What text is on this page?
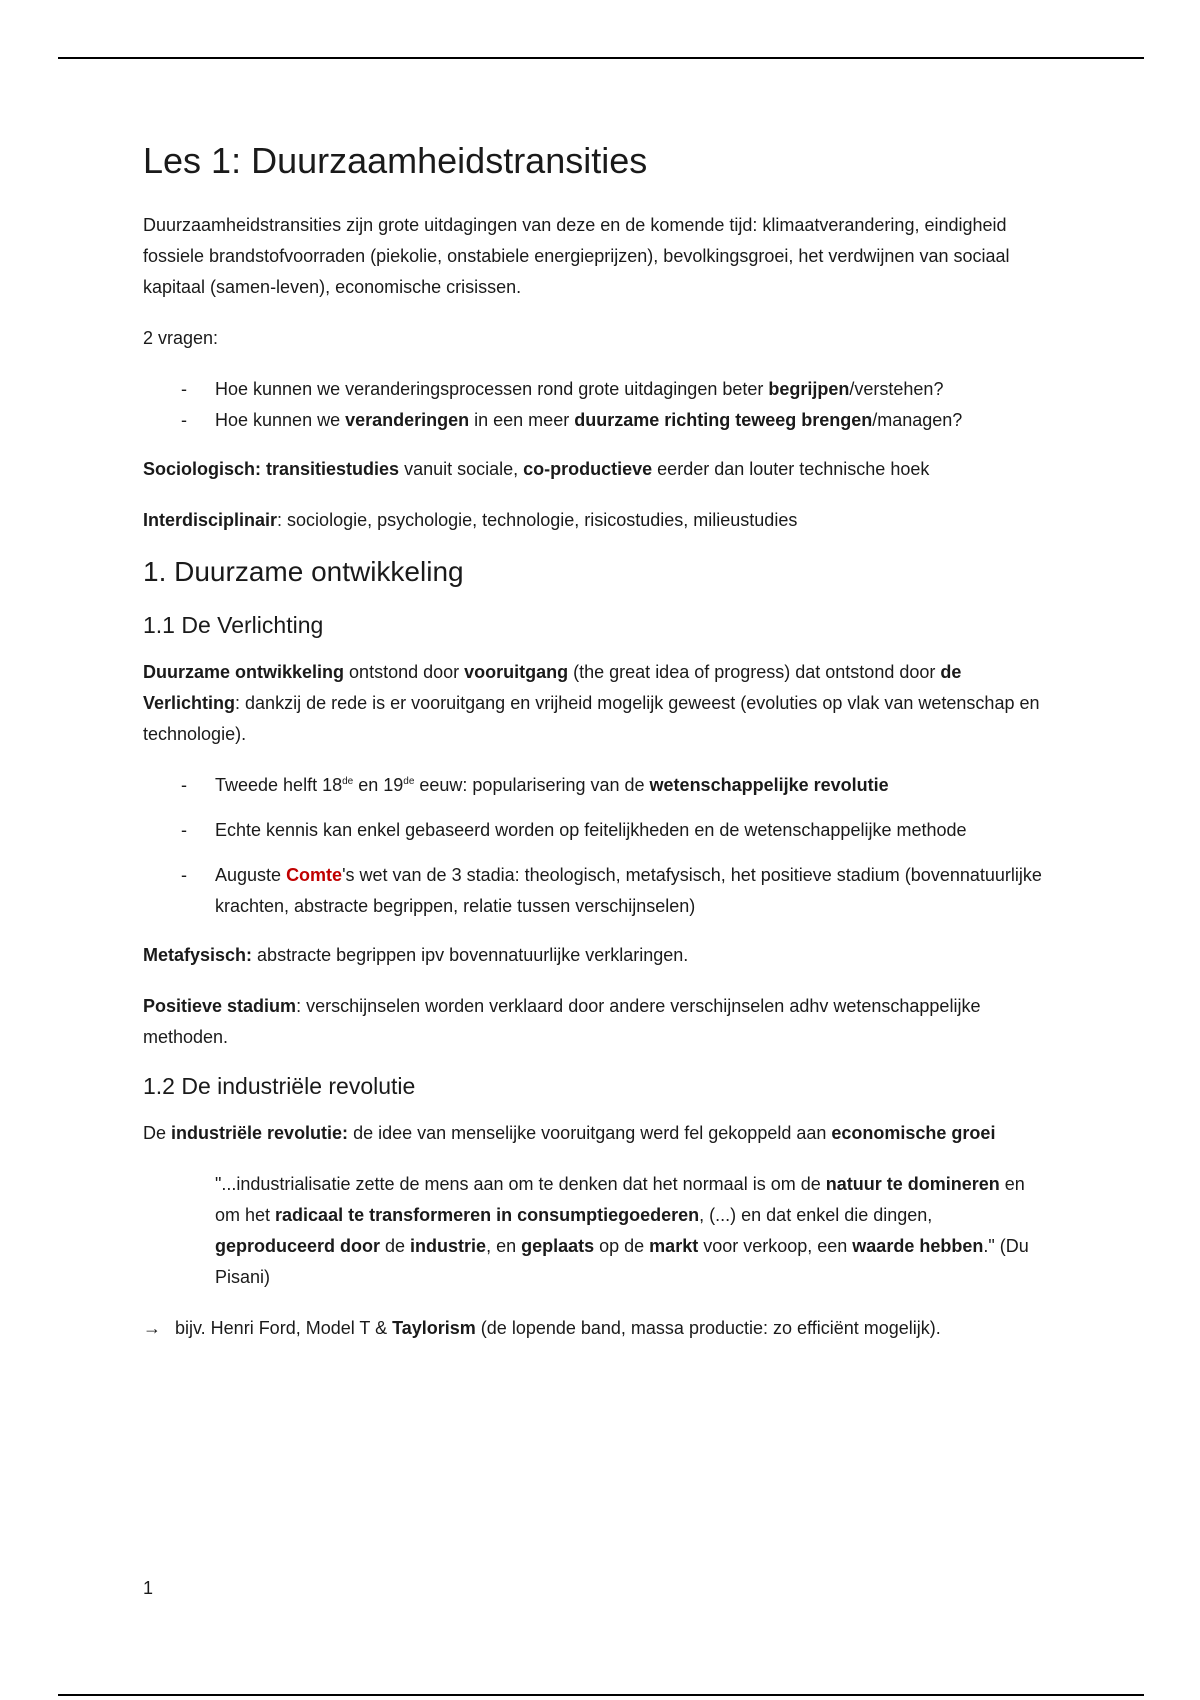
Les 1: Duurzaamheidstransities

Duurzaamheidstransities zijn grote uitdagingen van deze en de komende tijd: klimaatverandering, eindigheid fossiele brandstofvoorraden (piekolie, onstabiele energieprijzen), bevolkingsgroei, het verdwijnen van sociaal kapitaal (samen-leven), economische crisissen.

2 vragen:

- Hoe kunnen we veranderingsprocessen rond grote uitdagingen beter begrijpen/verstehen?
- Hoe kunnen we veranderingen in een meer duurzame richting teweeg brengen/managen?

Sociologisch: transitiestudies vanuit sociale, co-productieve eerder dan louter technische hoek

Interdisciplinair: sociologie, psychologie, technologie, risicostudies, milieustudies

1. Duurzame ontwikkeling
1.1 De Verlichting

Duurzame ontwikkeling ontstond door vooruitgang (the great idea of progress) dat ontstond door de Verlichting: dankzij de rede is er vooruitgang en vrijheid mogelijk geweest (evoluties op vlak van wetenschap en technologie).

- Tweede helft 18de en 19de eeuw: popularisering van de wetenschappelijke revolutie
- Echte kennis kan enkel gebaseerd worden op feitelijkheden en de wetenschappelijke methode
- Auguste Comte's wet van de 3 stadia: theologisch, metafysisch, het positieve stadium (bovennatuurlijke krachten, abstracte begrippen, relatie tussen verschijnselen)

Metafysisch: abstracte begrippen ipv bovennatuurlijke verklaringen.

Positieve stadium: verschijnselen worden verklaard door andere verschijnselen adhv wetenschappelijke methoden.

1.2 De industriële revolutie

De industriële revolutie: de idee van menselijke vooruitgang werd fel gekoppeld aan economische groei

"...industrialisatie zette de mens aan om te denken dat het normaal is om de natuur te domineren en om het radicaal te transformeren in consumptiegoederen, (...) en dat enkel die dingen, geproduceerd door de industrie, en geplaats op de markt voor verkoop, een waarde hebben." (Du Pisani)

→ bijv. Henri Ford, Model T & Taylorism (de lopende band, massa productie: zo efficiënt mogelijk).

1
